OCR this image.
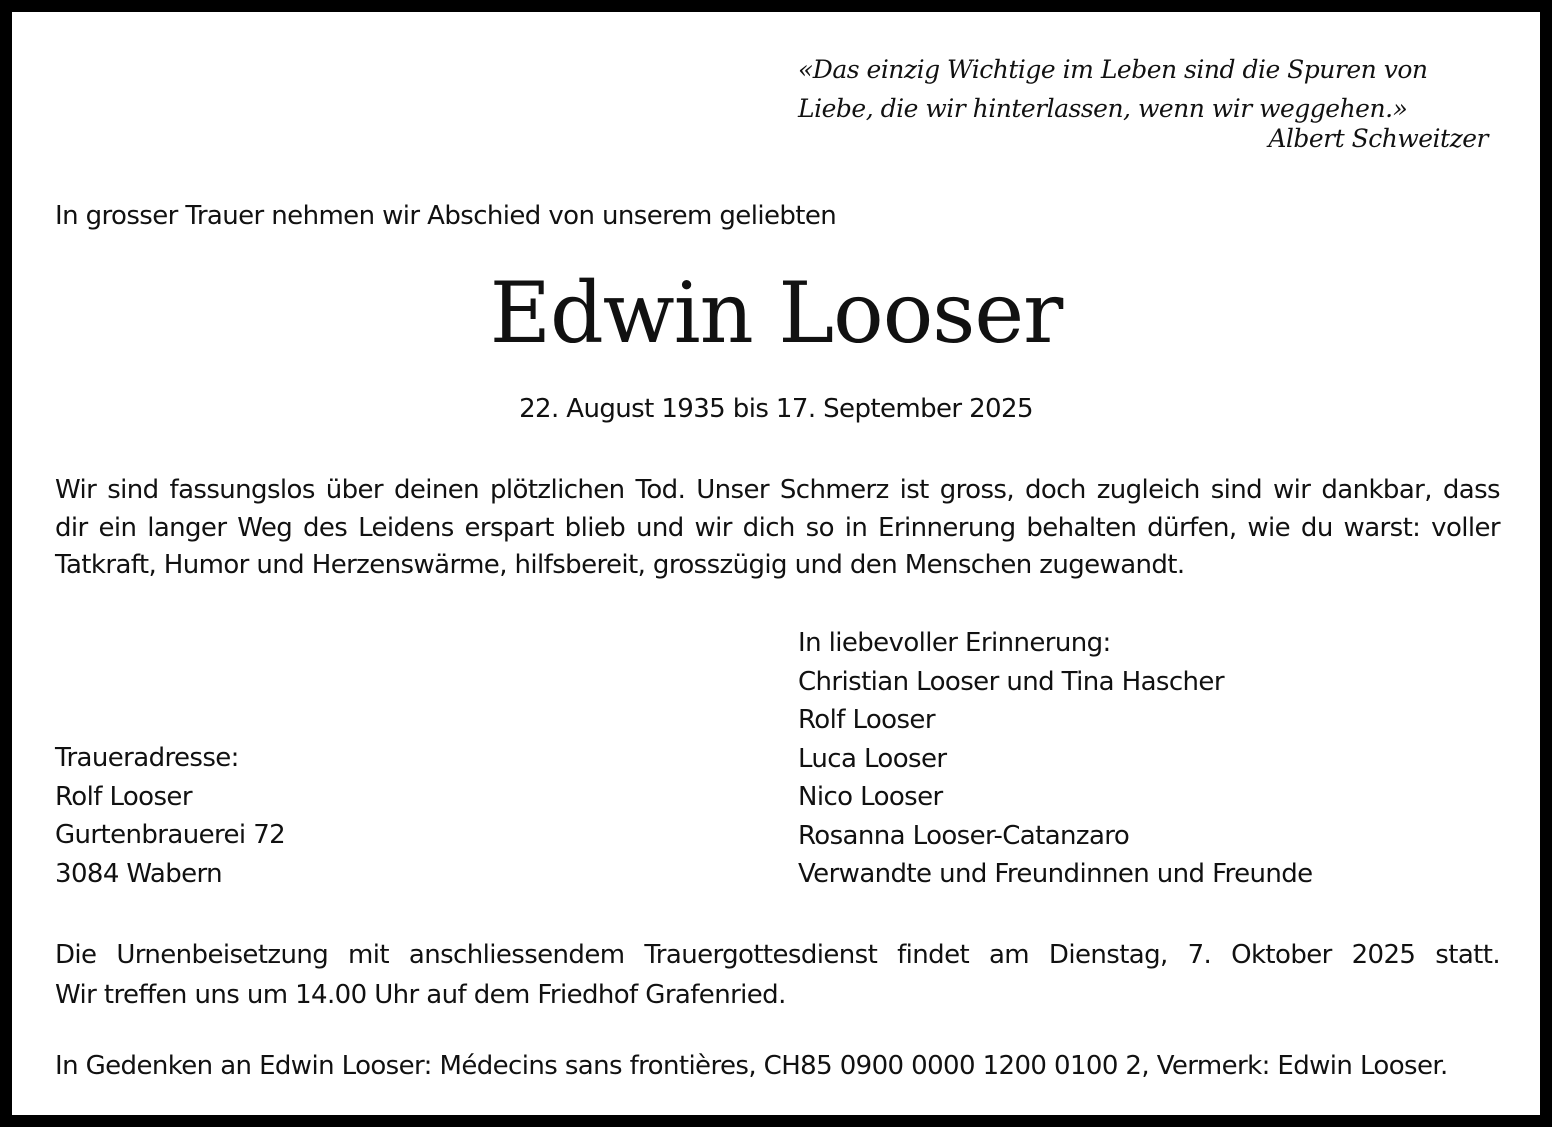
«Das einzig Wichtige im Leben sind die Spuren von
Liebe, die wir hinterlassen, wenn wir weggehen.»
Albert Schweitzer
In grosser Trauer nehmen wir Abschied von unserem geliebten
Edwin Looser
22. August 1935 bis 17. September 2025
Wir sind fassungslos über deinen plötzlichen Tod. Unser Schmerz ist gross, doch zugleich sind wir dankbar, dass
dir ein langer Weg des Leidens erspart blieb und wir dich so in Erinnerung behalten dürfen, wie du warst: voller
Tatkraft, Humor und Herzenswärme, hilfsbereit, grosszügig und den Menschen zugewandt.
In liebevoller Erinnerung:
Christian Looser und Tina Hascher
Rolf Looser
Luca Looser
Nico Looser
Rosanna Looser-Catanzaro
Verwandte und Freundinnen und Freunde
Traueradresse:
Rolf Looser
Gurtenbrauerei 72
3084 Wabern
Die Urnenbeisetzung mit anschliessendem Trauergottesdienst findet am Dienstag, 7. Oktober 2025 statt.
Wir treffen uns um 14.00 Uhr auf dem Friedhof Grafenried.
In Gedenken an Edwin Looser: Médecins sans frontières, CH85 0900 0000 1200 0100 2, Vermerk: Edwin Looser.
